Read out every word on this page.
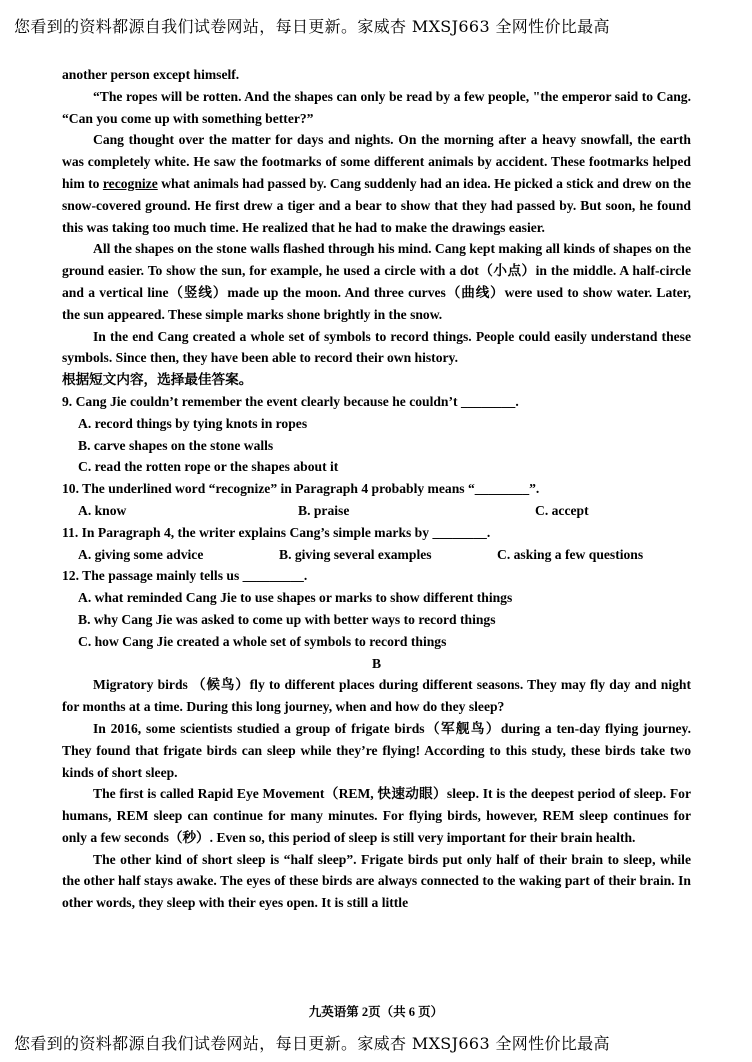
您看到的资料都源自我们试卷网站，每日更新。家威杏 MXSJ663 全网性价比最高

another person except himself.

“The ropes will be rotten. And the shapes can only be read by a few people, "the emperor said to Cang. “Can you come up with something better?”

Cang thought over the matter for days and nights. On the morning after a heavy snowfall, the earth was completely white. He saw the footmarks of some different animals by accident. These footmarks helped him to recognize what animals had passed by. Cang suddenly had an idea. He picked a stick and drew on the snow-covered ground. He first drew a tiger and a bear to show that they had passed by. But soon, he found this was taking too much time. He realized that he had to make the drawings easier.

All the shapes on the stone walls flashed through his mind. Cang kept making all kinds of shapes on the ground easier. To show the sun, for example, he used a circle with a dot（小点）in the middle. A half-circle and a vertical line（竖线）made up the moon. And three curves（曲线）were used to show water. Later, the sun appeared. These simple marks shone brightly in the snow.

In the end Cang created a whole set of symbols to record things. People could easily understand these symbols. Since then, they have been able to record their own history.

根据短文内容，选择最佳答案。

9. Cang Jie couldn’t remember the event clearly because he couldn’t ________.

A. record things by tying knots in ropes
B. carve shapes on the stone walls
C. read the rotten rope or the shapes about it

10. The underlined word “recognize” in Paragraph 4 probably means “________”.

A. know	B. praise	C. accept

11. In Paragraph 4, the writer explains Cang’s simple marks by ________.

A. giving some advice	B. giving several examples	C. asking a few questions

12. The passage mainly tells us _________.

A. what reminded Cang Jie to use shapes or marks to show different things
B. why Cang Jie was asked to come up with better ways to record things
C. how Cang Jie created a whole set of symbols to record things

B

Migratory birds （候鸟）fly to different places during different seasons. They may fly day and night for months at a time. During this long journey, when and how do they sleep?

In 2016, some scientists studied a group of frigate birds（军舰鸟）during a ten-day flying journey. They found that frigate birds can sleep while they’re flying! According to this study, these birds take two kinds of short sleep.

The first is called Rapid Eye Movement（REM, 快速动眼）sleep. It is the deepest period of sleep. For humans, REM sleep can continue for many minutes. For flying birds, however, REM sleep continues for only a few seconds（秒）. Even so, this period of sleep is still very important for their brain health.

The other kind of short sleep is “half sleep”. Frigate birds put only half of their brain to sleep, while the other half stays awake. The eyes of these birds are always connected to the waking part of their brain. In other words, they sleep with their eyes open. It is still a little

九英语第 2页（共 6 页）
您看到的资料都源自我们试卷网站，每日更新。家威杏 MXSJ663 全网性价比最高
